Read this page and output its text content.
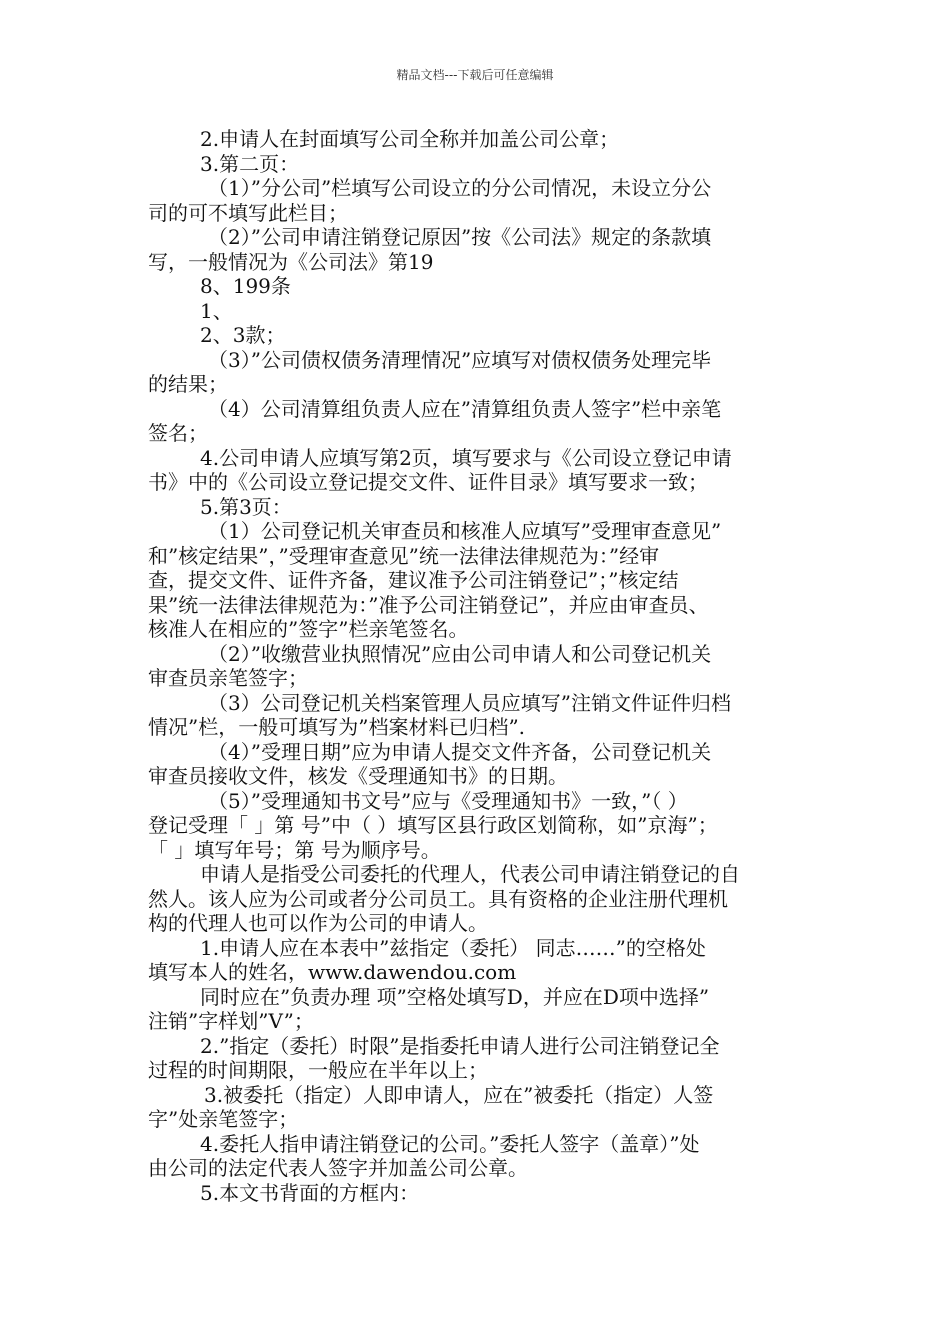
精品文档---下载后可任意编辑
2.申请人在封面填写公司全称并加盖公司公章；
3.第二页：
（1）”分公司”栏填写公司设立的分公司情况，未设立分公
司的可不填写此栏目；
（2）”公司申请注销登记原因”按《公司法》规定的条款填
写，一般情况为《公司法》第19
8、199条
1、
2、3款；
（3）”公司债权债务清理情况”应填写对债权债务处理完毕
的结果；
（4）公司清算组负责人应在”清算组负责人签字”栏中亲笔
签名；
4.公司申请人应填写第2页，填写要求与《公司设立登记申请
书》中的《公司设立登记提交文件、证件目录》填写要求一致；
5.第3页：
（1）公司登记机关审查员和核准人应填写”受理审查意见”
和”核定结果”，”受理审查意见”统一法律法律规范为：”经审
查，提交文件、证件齐备，建议准予公司注销登记”；”核定结
果”统一法律法律规范为：”准予公司注销登记”，并应由审查员、
核准人在相应的”签字”栏亲笔签名。
（2）”收缴营业执照情况”应由公司申请人和公司登记机关
审查员亲笔签字；
（3）公司登记机关档案管理人员应填写”注销文件证件归档
情况”栏，一般可填写为”档案材料已归档”.
（4）”受理日期”应为申请人提交文件齐备，公司登记机关
审查员接收文件，核发《受理通知书》的日期。
（5）”受理通知书文号”应与《受理通知书》一致，”（ ）
登记受理「 」第 号”中（ ）填写区县行政区划简称，如”京海”；
「 」填写年号；第 号为顺序号。
申请人是指受公司委托的代理人，代表公司申请注销登记的自
然人。该人应为公司或者分公司员工。具有资格的企业注册代理机
构的代理人也可以作为公司的申请人。
1.申请人应在本表中”兹指定（委托） 同志……”的空格处
填写本人的姓名，www.dawendou.com
同时应在”负责办理 项”空格处填写D，并应在D项中选择”
注销”字样划”V”；
2.”指定（委托）时限”是指委托申请人进行公司注销登记全
过程的时间期限，一般应在半年以上；
3.被委托（指定）人即申请人，应在”被委托（指定）人签
字”处亲笔签字；
4.委托人指申请注销登记的公司。”委托人签字（盖章）”处
由公司的法定代表人签字并加盖公司公章。
5.本文书背面的方框内：
